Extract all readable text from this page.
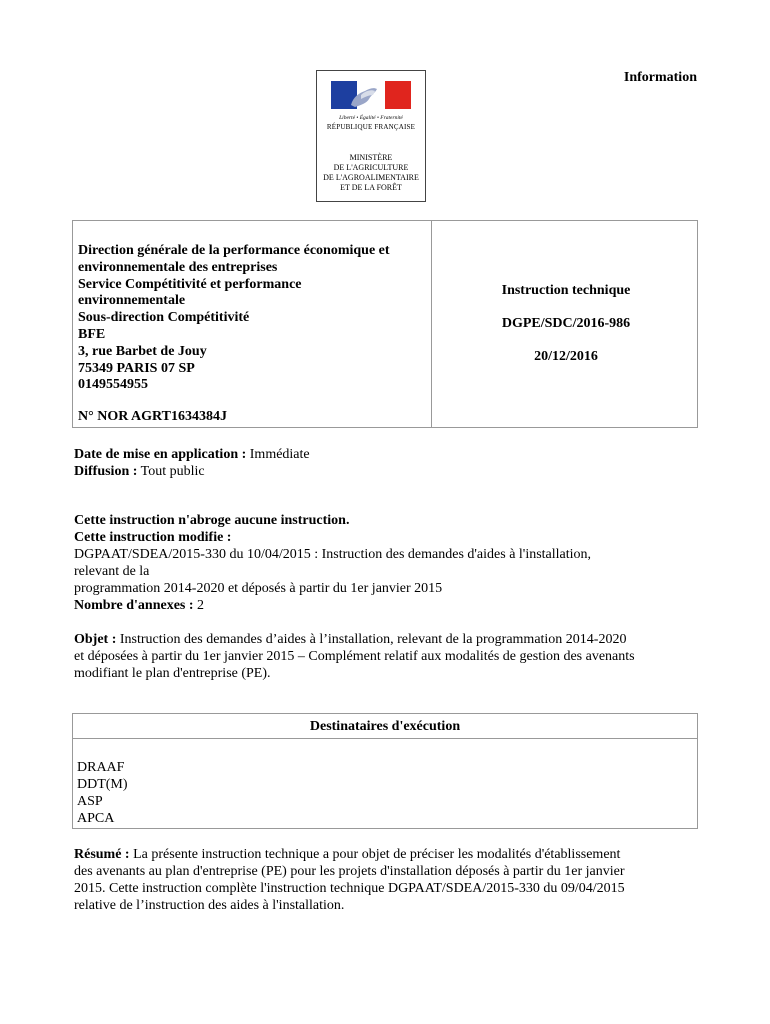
Information
Liberté • Égalité • Fraternité
RÉPUBLIQUE FRANÇAISE
MINISTÈRE
DE L'AGRICULTURE
DE L'AGROALIMENTAIRE
ET DE LA FORÊT
Direction générale de la performance économique et
environnementale des entreprises
Service Compétitivité et performance
environnementale
Sous-direction Compétitivité
BFE
3, rue Barbet de Jouy
75349 PARIS 07 SP
0149554955
N° NOR AGRT1634384J
Instruction technique
DGPE/SDC/2016-986
20/12/2016
Date de mise en application : Immédiate
Diffusion : Tout public
Cette instruction n'abroge aucune instruction.
Cette instruction modifie :
DGPAAT/SDEA/2015-330 du 10/04/2015 : Instruction des demandes d'aides à l'installation,
relevant de la
programmation 2014-2020 et déposés à partir du 1er janvier 2015
Nombre d'annexes : 2
Objet : Instruction des demandes d’aides à l’installation, relevant de la programmation 2014-2020
et déposées à partir du 1er janvier 2015 – Complément relatif aux modalités de gestion des avenants
modifiant le plan d'entreprise (PE).
Destinataires d'exécution
DRAAF
DDT(M)
ASP
APCA
Résumé : La présente instruction technique a pour objet de préciser les modalités d'établissement
des avenants au plan d'entreprise (PE) pour les projets d'installation déposés à partir du 1er janvier
2015. Cette instruction complète l'instruction technique DGPAAT/SDEA/2015-330 du 09/04/2015
relative de l’instruction des aides à l'installation.
